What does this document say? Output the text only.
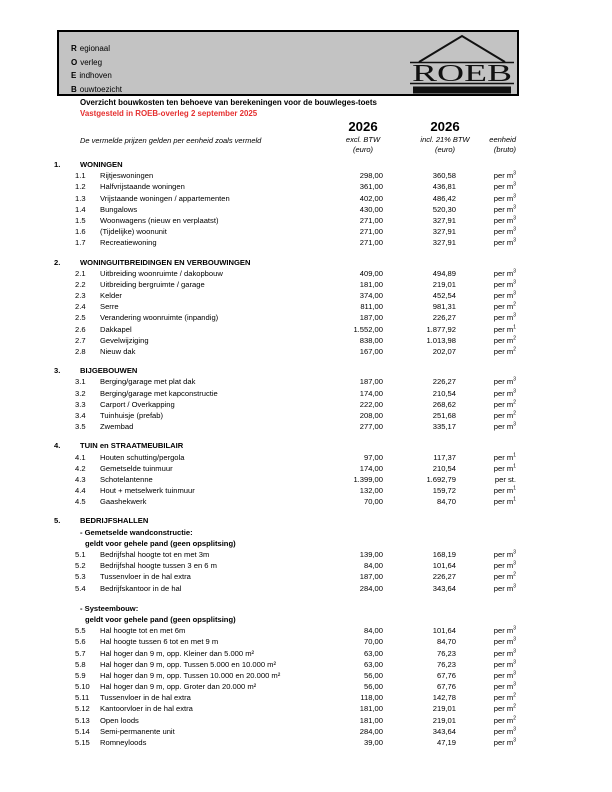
R egionaal
O verleg
E indhoven
B ouwtoezicht
ROEB
Overzicht bouwkosten ten behoeve van berekeningen voor de bouwleges-toets
Vastgesteld in ROEB-overleg 2 september 2025
2026	2026
excl. BTW
(euro)
incl. 21% BTW
(euro)
eenheid
(bruto)
De vermelde prijzen gelden per eenheid zoals vermeld
1.	WONINGEN
1.1 Rijtjeswoningen	298,00	360,58	per $m^3$
1.2 Halfvrijstaande woningen	361,00	436,81	per $m^3$
1.3 Vrijstaande woningen / appartementen	402,00	486,42	per $m^3$
1.4 Bungalows	430,00	520,30	per $m^3$
1.5 Woonwagens (nieuw en verplaatst)	271,00	327,91	per $m^3$
1.6 (Tijdelijke) woonunit	271,00	327,91	per $m^3$
1.7 Recreatiewoning	271,00	327,91	per $m^3$
2.	WONINGUITBREIDINGEN EN VERBOUWINGEN
2.1 Uitbreiding woonruimte / dakopbouw	409,00	494,89	per $m^3$
2.2 Uitbreiding bergruimte / garage	181,00	219,01	per $m^3$
2.3 Kelder	374,00	452,54	per $m^3$
2.4 Serre	811,00	981,31	per $m^2$
2.5 Verandering woonruimte (inpandig)	187,00	226,27	per $m^3$
2.6 Dakkapel	1.552,00	1.877,92	per $m^1$
2.7 Gevelwijziging	838,00	1.013,98	per $m^2$
2.8 Nieuw dak	167,00	202,07	per $m^2$
3.	BIJGEBOUWEN
3.1 Berging/garage met plat dak	187,00	226,27	per $m^3$
3.2 Berging/garage met kapconstructie	174,00	210,54	per $m^3$
3.3 Carport / Overkapping	222,00	268,62	per $m^2$
3.4 Tuinhuisje (prefab)	208,00	251,68	per $m^2$
3.5 Zwembad	277,00	335,17	per $m^3$
4.	TUIN en STRAATMEUBILAIR
4.1 Houten schutting/pergola	97,00	117,37	per $m^1$
4.2 Gemetselde tuinmuur	174,00	210,54	per $m^1$
4.3 Schotelantenne	1.399,00	1.692,79	per st.
4.4 Hout + metselwerk tuinmuur	132,00	159,72	per $m^1$
4.5 Gaashekwerk	70,00	84,70	per $m^1$
5.	BEDRIJFSHALLEN
- Gemetselde wandconstructie:
geldt voor gehele pand (geen opsplitsing)
5.1 Bedrijfshal hoogte tot en met 3m	139,00	168,19	per $m^3$
5.2 Bedrijfshal hoogte tussen 3 en 6 m	84,00	101,64	per $m^3$
5.3 Tussenvloer in de hal extra	187,00	226,27	per $m^2$
5.4 Bedrijfskantoor in de hal	284,00	343,64	per $m^3$
- Systeembouw:
geldt voor gehele pand (geen opsplitsing)
5.5 Hal hoogte tot en met 6m	84,00	101,64	per $m^3$
5.6 Hal hoogte tussen 6 tot en met 9 m	70,00	84,70	per $m^3$
5.7 Hal hoger dan 9 m, opp. Kleiner dan 5.000 m²	63,00	76,23	per $m^3$
5.8 Hal hoger dan 9 m, opp. Tussen 5.000 en 10.000 m²	63,00	76,23	per $m^3$
5.9 Hal hoger dan 9 m, opp. Tussen 10.000 en 20.000 m²	56,00	67,76	per $m^3$
5.10 Hal hoger dan 9 m, opp. Groter dan 20.000 m²	56,00	67,76	per $m^3$
5.11 Tussenvloer in de hal extra	118,00	142,78	per $m^2$
5.12 Kantoorvloer in de hal extra	181,00	219,01	per $m^2$
5.13 Open loods	181,00	219,01	per $m^2$
5.14 Semi-permanente unit	284,00	343,64	per $m^3$
5.15 Romneyloods	39,00	47,19	per $m^3$
